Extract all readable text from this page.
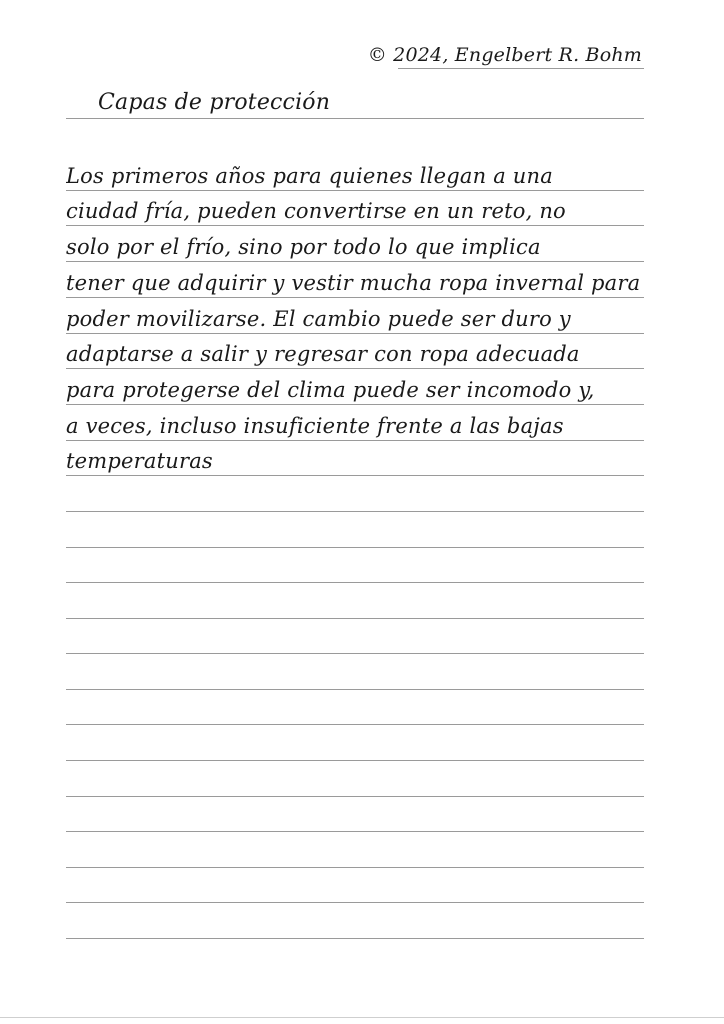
© 2024, Engelbert R. Bohm
Capas de protección
Los primeros años para quienes llegan a una
ciudad fría, pueden convertirse en un reto, no
solo por el frío, sino por todo lo que implica
tener que adquirir y vestir mucha ropa invernal para
poder movilizarse. El cambio puede ser duro y
adaptarse a salir y regresar con ropa adecuada
para protegerse del clima puede ser incomodo y,
a veces, incluso insuficiente frente a las bajas
temperaturas
